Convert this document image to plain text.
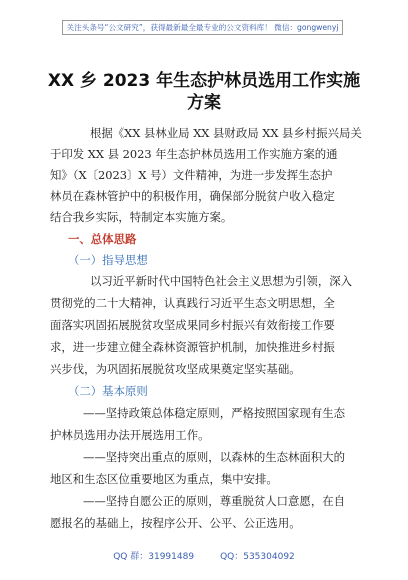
关注头条号“公文研究”，获得最新最全最专业的公文资料库！ 微信：gongwenyj
XX 乡 2023 年生态护林员选用工作实施
方案
根据《XX 县林业局 XX 县财政局 XX 县乡村振兴局关
于印发 XX 县 2023 年生态护林员选用工作实施方案的通
知》（X〔2023〕X 号）文件精神，为进一步发挥生态护
林员在森林管护中的积极作用，确保部分脱贫户收入稳定
结合我乡实际，特制定本实施方案。
一、总体思路
（一）指导思想
以习近平新时代中国特色社会主义思想为引领，深入
贯彻党的二十大精神，认真践行习近平生态文明思想，全
面落实巩固拓展脱贫攻坚成果同乡村振兴有效衔接工作要
求，进一步建立健全森林资源管护机制，加快推进乡村振
兴步伐，为巩固拓展脱贫攻坚成果奠定坚实基础。
（二）基本原则
——坚持政策总体稳定原则，严格按照国家现有生态
护林员选用办法开展选用工作。
——坚持突出重点的原则，以森林的生态林面积大的
地区和生态区位重要地区为重点，集中安排。
——坚持自愿公正的原则，尊重脱贫人口意愿，在自
愿报名的基础上，按程序公开、公平、公正选用。
QQ 群：31991489	QQ：535304092
